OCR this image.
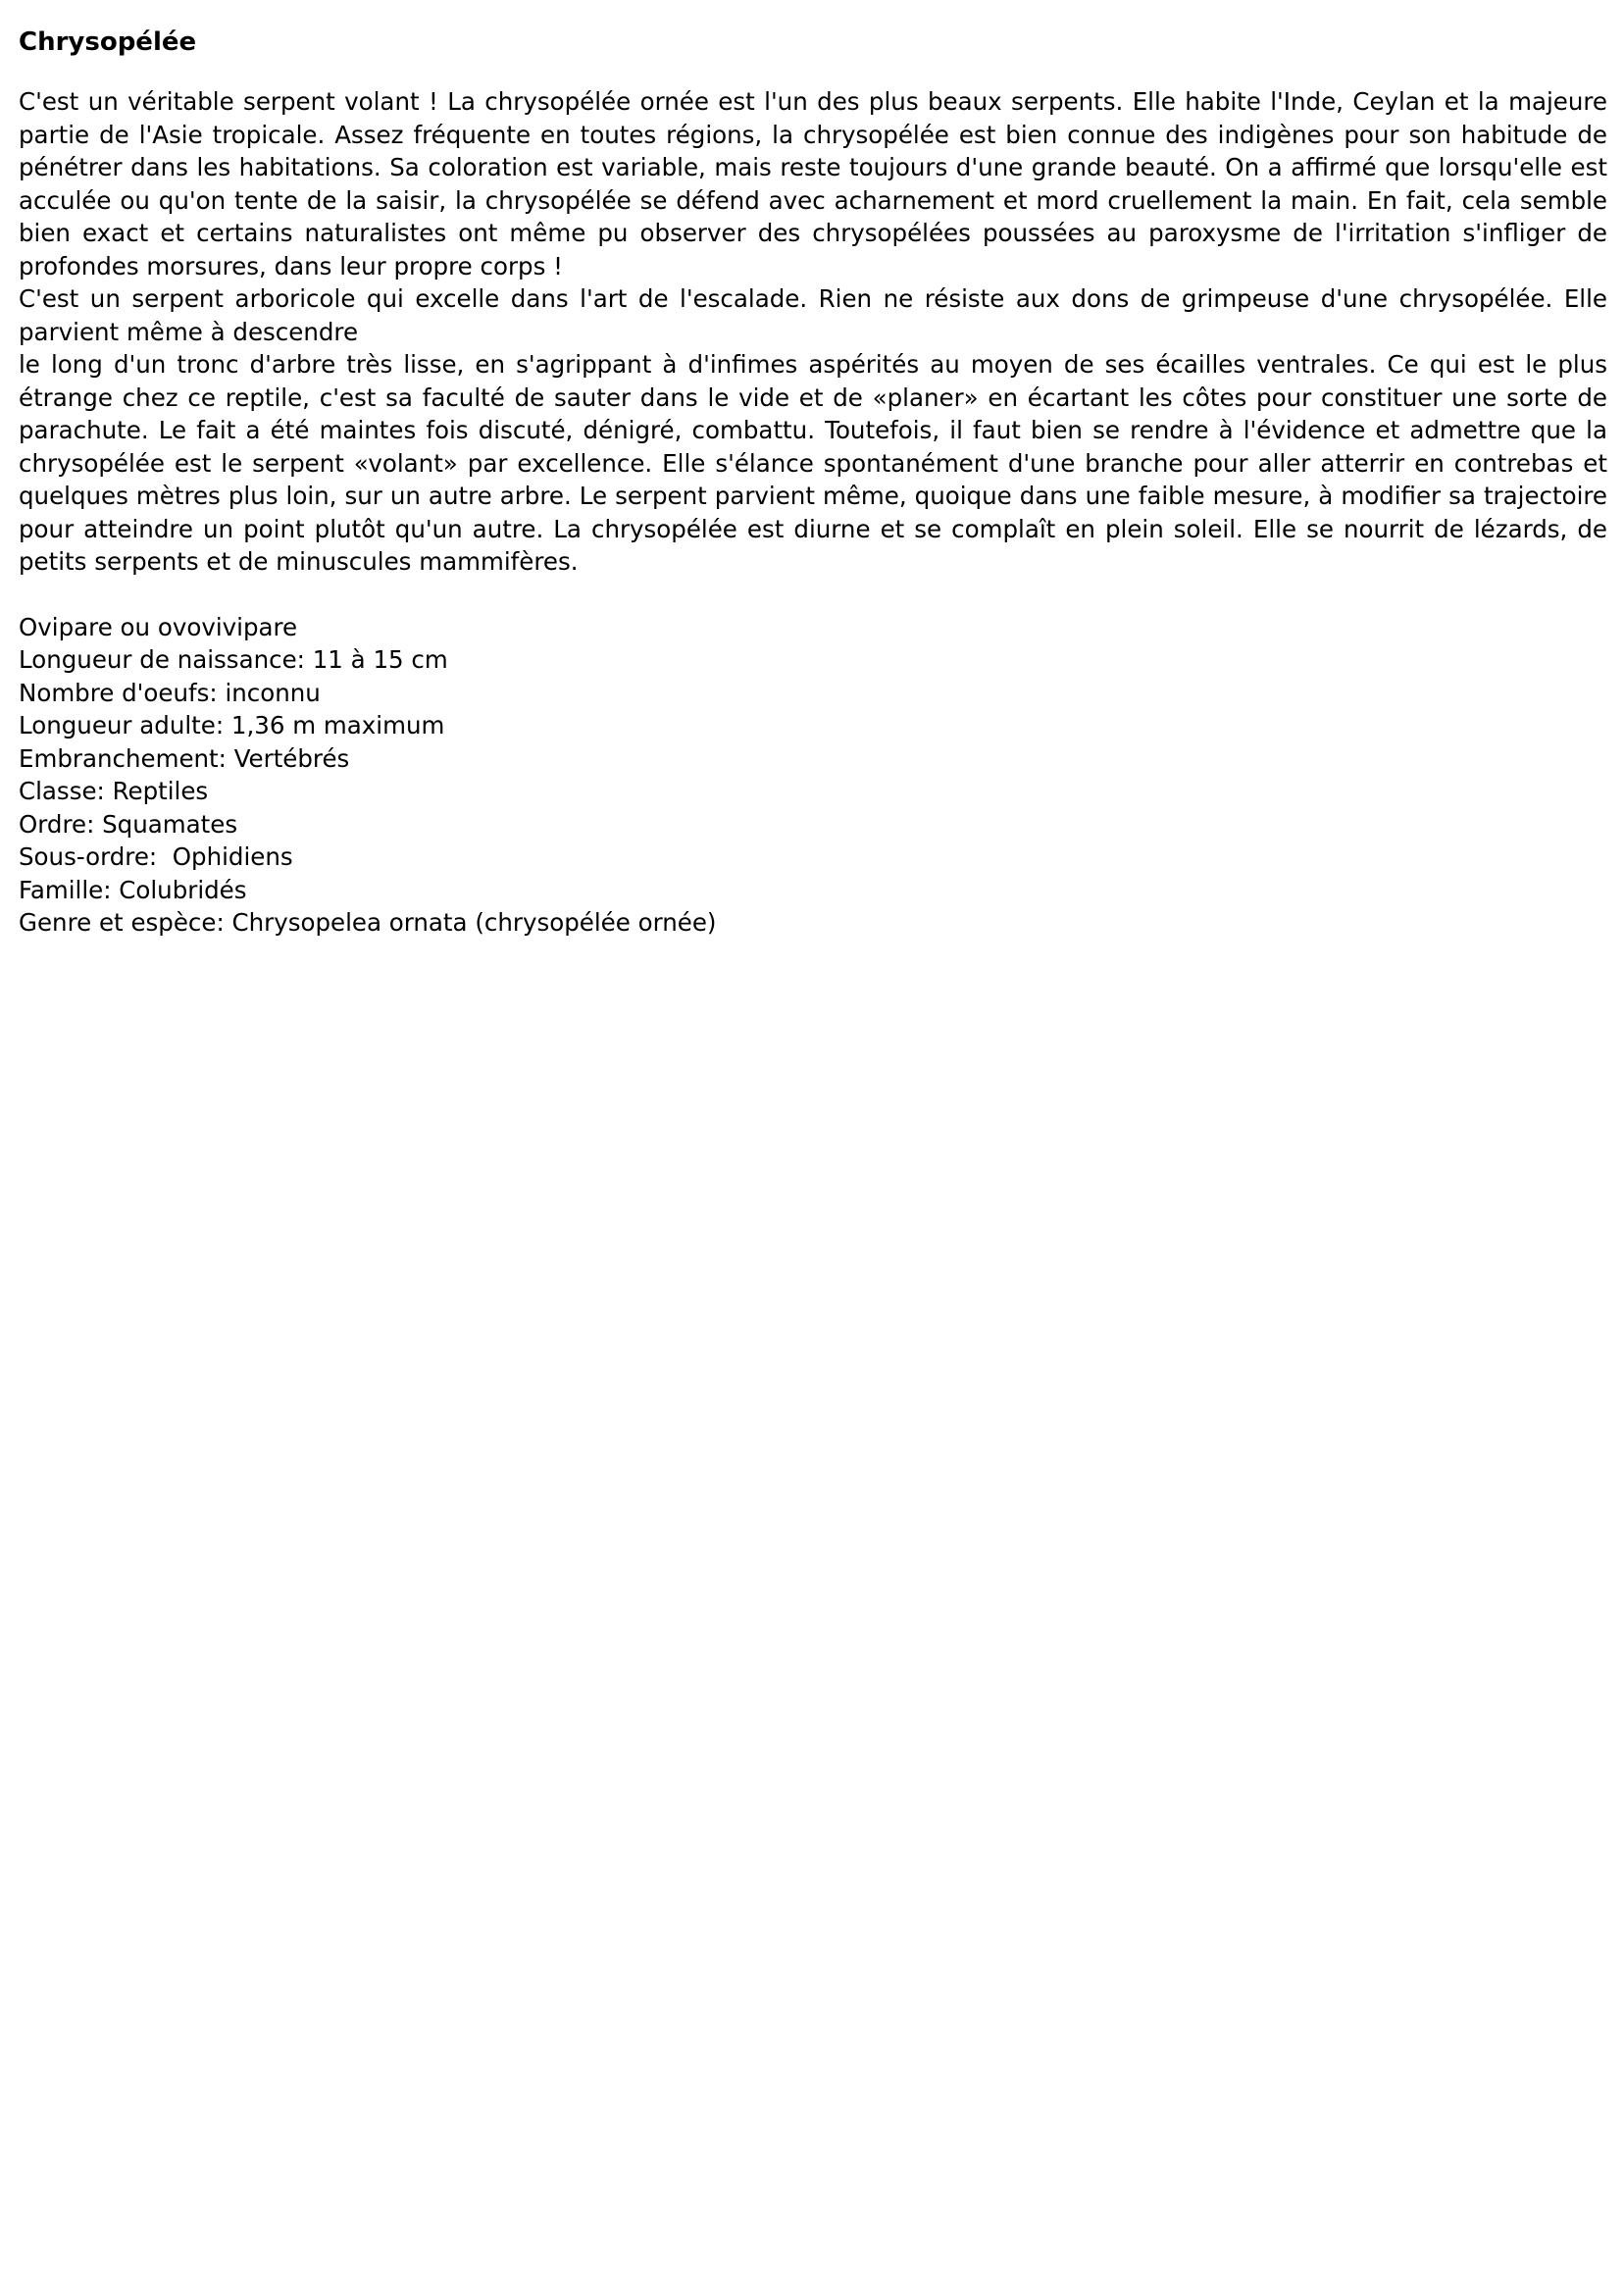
Chrysopélée

C'est un véritable serpent volant ! La chrysopélée ornée est l'un des plus beaux serpents. Elle habite l'Inde, Ceylan et la majeure partie de l'Asie tropicale. Assez fréquente en toutes régions, la chrysopélée est bien connue des indigènes pour son habitude de pénétrer dans les habitations. Sa coloration est variable, mais reste toujours d'une grande beauté. On a affirmé que lorsqu'elle est acculée ou qu'on tente de la saisir, la chrysopélée se défend avec acharnement et mord cruellement la main. En fait, cela semble bien exact et certains naturalistes ont même pu observer des chrysopélées poussées au paroxysme de l'irritation s'infliger de profondes morsures, dans leur propre corps !

C'est un serpent arboricole qui excelle dans l'art de l'escalade. Rien ne résiste aux dons de grimpeuse d'une chrysopélée. Elle parvient même à descendre

le long d'un tronc d'arbre très lisse, en s'agrippant à d'infimes aspérités au moyen de ses écailles ventrales. Ce qui est le plus étrange chez ce reptile, c'est sa faculté de sauter dans le vide et de «planer» en écartant les côtes pour constituer une sorte de parachute. Le fait a été maintes fois discuté, dénigré, combattu. Toutefois, il faut bien se rendre à l'évidence et admettre que la chrysopélée est le serpent «volant» par excellence. Elle s'élance spontanément d'une branche pour aller atterrir en contrebas et quelques mètres plus loin, sur un autre arbre. Le serpent parvient même, quoique dans une faible mesure, à modifier sa trajectoire pour atteindre un point plutôt qu'un autre. La chrysopélée est diurne et se complaît en plein soleil. Elle se nourrit de lézards, de petits serpents et de minuscules mammifères.

Ovipare ou ovovivipare
Longueur de naissance: 11 à 15 cm
Nombre d'oeufs: inconnu
Longueur adulte: 1,36 m maximum
Embranchement: Vertébrés
Classe: Reptiles
Ordre: Squamates
Sous-ordre:  Ophidiens
Famille: Colubridés
Genre et espèce: Chrysopelea ornata (chrysopélée ornée)
